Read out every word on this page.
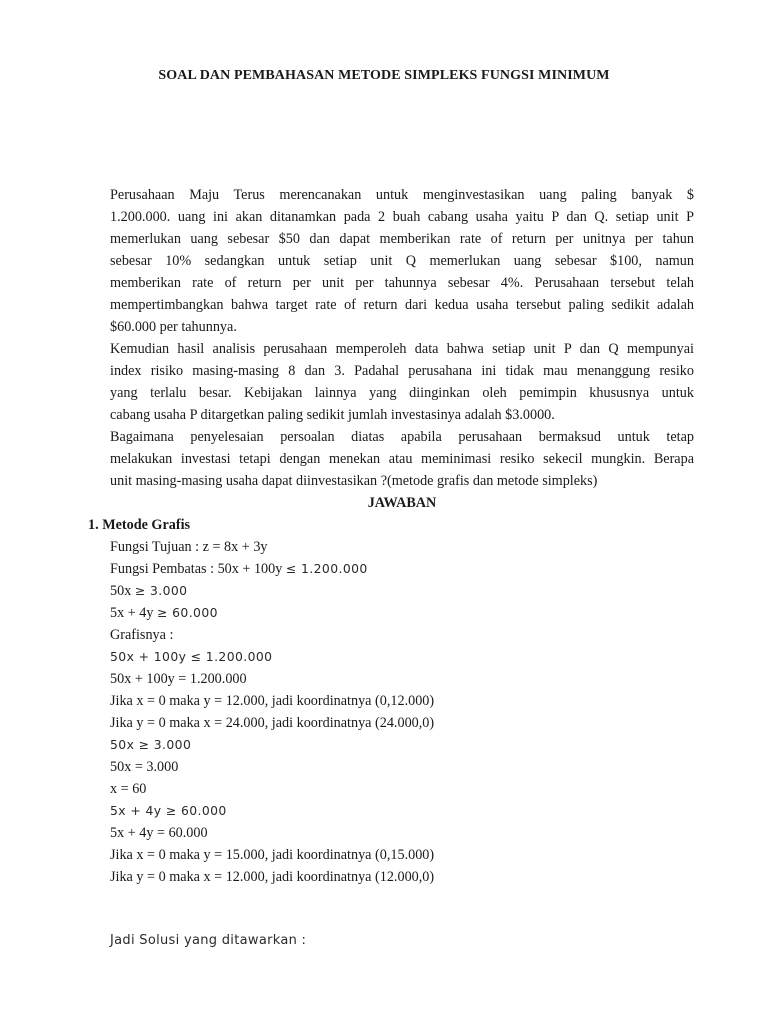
SOAL DAN PEMBAHASAN METODE SIMPLEKS FUNGSI MINIMUM
Perusahaan Maju Terus merencanakan untuk menginvestasikan uang paling banyak $
1.200.000. uang ini akan ditanamkan pada 2 buah cabang usaha yaitu P dan Q. setiap unit P
memerlukan uang sebesar $50 dan dapat memberikan rate of return per unitnya per tahun
sebesar 10% sedangkan untuk setiap unit Q memerlukan uang sebesar $100, namun
memberikan rate of return per unit per tahunnya sebesar 4%. Perusahaan tersebut telah
mempertimbangkan bahwa target rate of return dari kedua usaha tersebut paling sedikit adalah
$60.000 per tahunnya.
Kemudian hasil analisis perusahaan memperoleh data bahwa setiap unit P dan Q mempunyai
index risiko masing-masing 8 dan 3. Padahal perusahana ini tidak mau menanggung resiko
yang terlalu besar. Kebijakan lainnya yang diinginkan oleh pemimpin khususnya untuk
cabang usaha P ditargetkan paling sedikit jumlah investasinya adalah $3.0000.
Bagaimana penyelesaian persoalan diatas apabila perusahaan bermaksud untuk tetap
melakukan investasi tetapi dengan menekan atau meminimasi resiko sekecil mungkin. Berapa
unit masing-masing usaha dapat diinvestasikan ?(metode grafis dan metode simpleks)
JAWABAN
1. Metode Grafis
Fungsi Tujuan : z = 8x + 3y
Fungsi Pembatas : 50x + 100y ≤ 1.200.000
50x ≥ 3.000
5x + 4y ≥ 60.000
Grafisnya :
50x + 100y ≤ 1.200.000
50x + 100y = 1.200.000
Jika x = 0 maka y = 12.000, jadi koordinatnya (0,12.000)
Jika y = 0 maka x = 24.000, jadi koordinatnya (24.000,0)
50x ≥ 3.000
50x = 3.000
x = 60
5x + 4y ≥ 60.000
5x + 4y = 60.000
Jika x = 0 maka y = 15.000, jadi koordinatnya (0,15.000)
Jika y = 0 maka x = 12.000, jadi koordinatnya (12.000,0)
Jadi Solusi yang ditawarkan :
